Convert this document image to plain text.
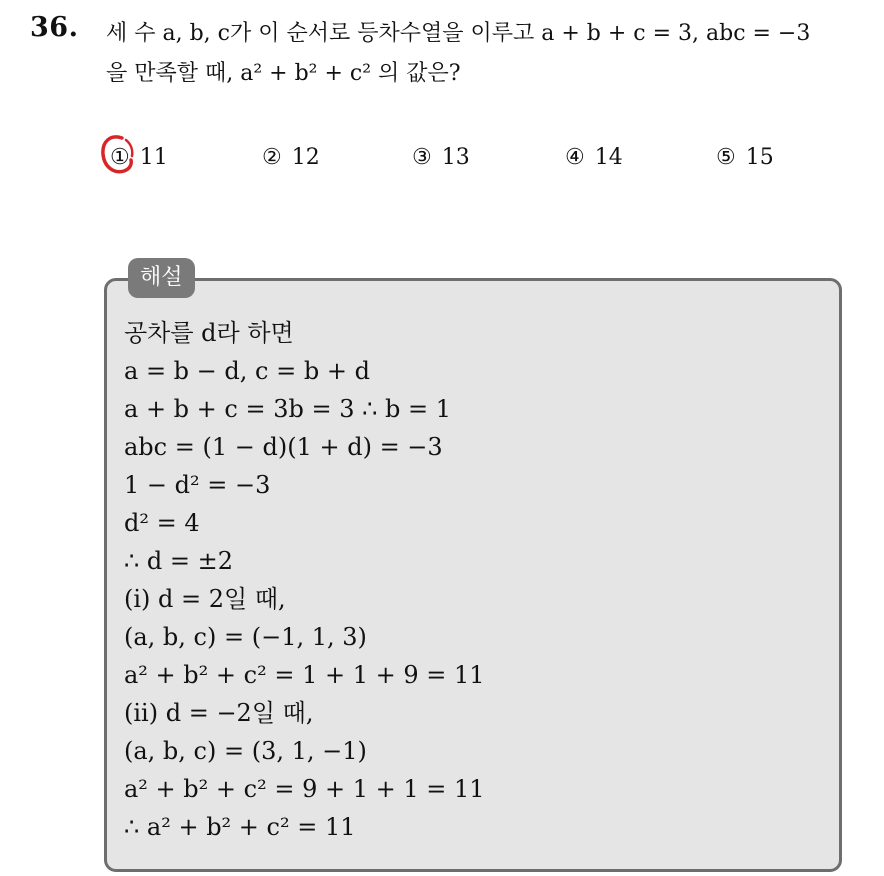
36. 세 수 a, b, c가 이 순서로 등차수열을 이루고 a + b + c = 3, abc = −3
을 만족할 때, a² + b² + c² 의 값은?
① 11	② 12	③ 13	④ 14	⑤ 15
해설
공차를 d라 하면
a = b − d, c = b + d
a + b + c = 3b = 3 ∴ b = 1
abc = (1 − d)(1 + d) = −3
1 − d² = −3
d² = 4
∴ d = ±2
(i) d = 2일 때,
(a, b, c) = (−1, 1, 3)
a² + b² + c² = 1 + 1 + 9 = 11
(ii) d = −2일 때,
(a, b, c) = (3, 1, −1)
a² + b² + c² = 9 + 1 + 1 = 11
∴ a² + b² + c² = 11
